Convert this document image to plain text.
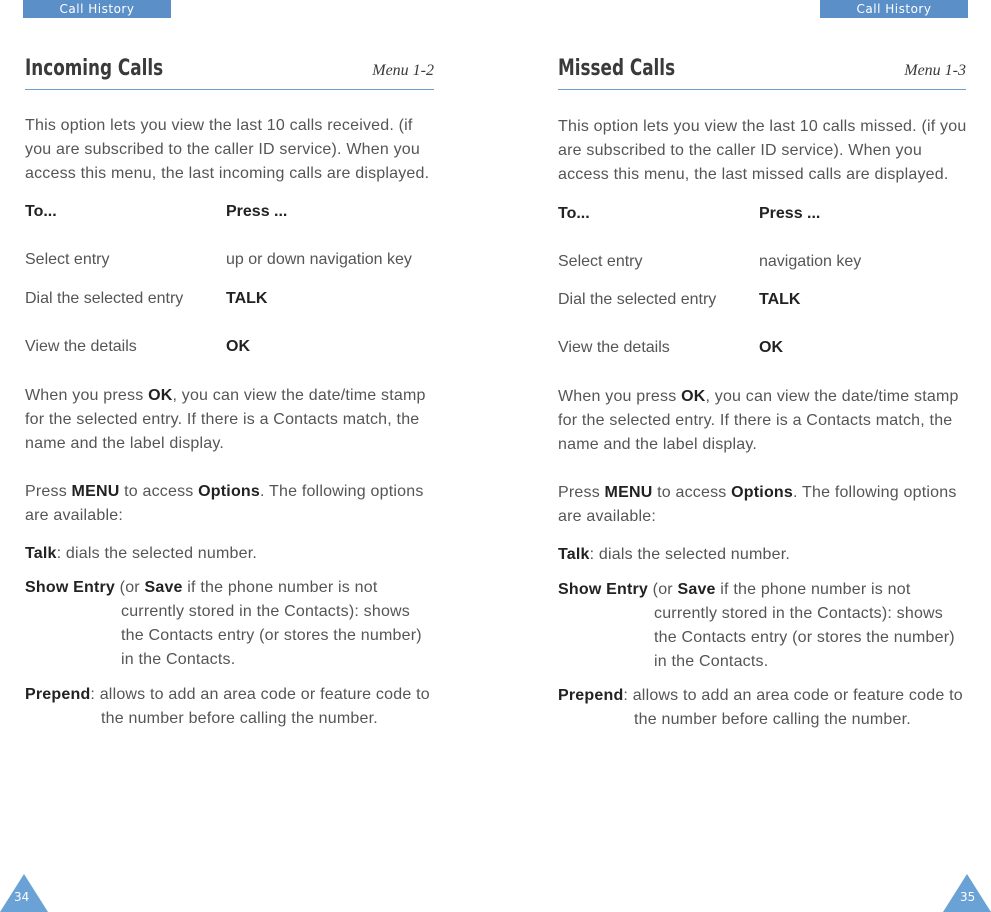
Call History
Incoming Calls	Menu 1-2
This option lets you view the last 10 calls received. (if you are subscribed to the caller ID service). When you access this menu, the last incoming calls are displayed.
To...	Press ...
Select entry	up or down navigation key
Dial the selected entry	TALK
View the details	OK
When you press OK, you can view the date/time stamp for the selected entry. If there is a Contacts match, the name and the label display.
Press MENU to access Options. The following options are available:
Talk: dials the selected number.
Show Entry (or Save if the phone number is not
currently stored in the Contacts): shows
the Contacts entry (or stores the number)
in the Contacts.
Prepend: allows to add an area code or feature code to
the number before calling the number.
34
Call History
Missed Calls	Menu 1-3
This option lets you view the last 10 calls missed. (if you are subscribed to the caller ID service). When you access this menu, the last missed calls are displayed.
To...	Press ...
Select entry	navigation key
Dial the selected entry	TALK
View the details	OK
When you press OK, you can view the date/time stamp for the selected entry. If there is a Contacts match, the name and the label display.
Press MENU to access Options. The following options are available:
Talk: dials the selected number.
Show Entry (or Save if the phone number is not
currently stored in the Contacts): shows
the Contacts entry (or stores the number)
in the Contacts.
Prepend: allows to add an area code or feature code to
the number before calling the number.
35
